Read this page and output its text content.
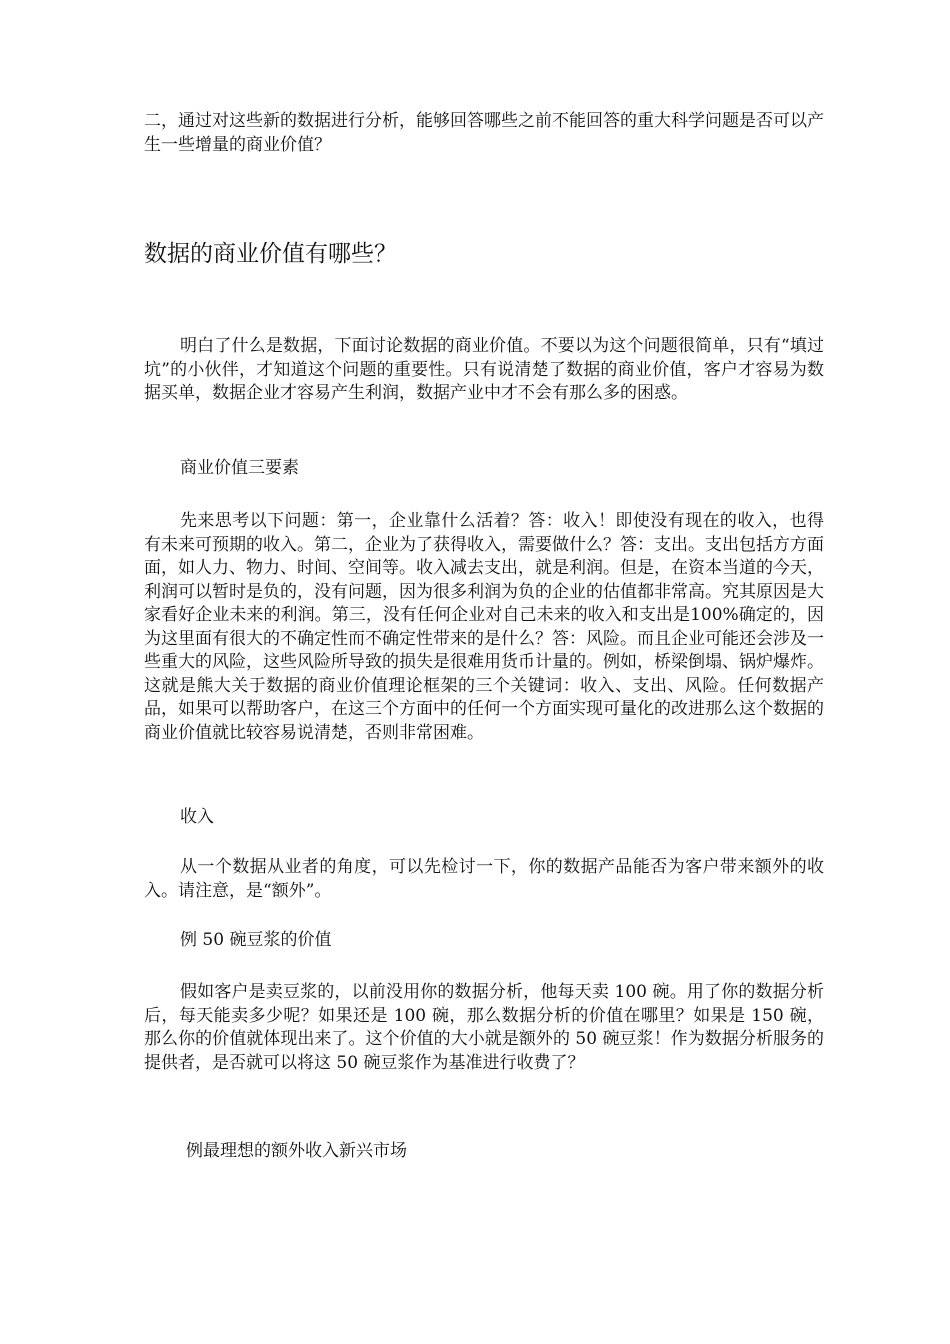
二，通过对这些新的数据进行分析，能够回答哪些之前不能回答的重大科学问题是否可以产生一些增量的商业价值？

数据的商业价值有哪些？

明白了什么是数据，下面讨论数据的商业价值。不要以为这个问题很简单，只有“填过坑”的小伙伴，才知道这个问题的重要性。只有说清楚了数据的商业价值，客户才容易为数据买单，数据企业才容易产生利润，数据产业中才不会有那么多的困惑。

商业价值三要素

先来思考以下问题：第一，企业靠什么活着？答：收入！即使没有现在的收入，也得有未来可预期的收入。第二，企业为了获得收入，需要做什么？答：支出。支出包括方方面面，如人力、物力、时间、空间等。收入减去支出，就是利润。但是，在资本当道的今天，利润可以暂时是负的，没有问题，因为很多利润为负的企业的估值都非常高。究其原因是大家看好企业未来的利润。第三，没有任何企业对自己未来的收入和支出是100%确定的，因为这里面有很大的不确定性而不确定性带来的是什么？答：风险。而且企业可能还会涉及一些重大的风险，这些风险所导致的损失是很难用货币计量的。例如，桥梁倒塌、锅炉爆炸。这就是熊大关于数据的商业价值理论框架的三个关键词：收入、支出、风险。任何数据产品，如果可以帮助客户，在这三个方面中的任何一个方面实现可量化的改进那么这个数据的商业价值就比较容易说清楚，否则非常困难。

收入

从一个数据从业者的角度，可以先检讨一下，你的数据产品能否为客户带来额外的收入。请注意，是“额外”。

例 50 碗豆浆的价值

假如客户是卖豆浆的，以前没用你的数据分析，他每天卖 100 碗。用了你的数据分析后，每天能卖多少呢？如果还是 100 碗，那么数据分析的价值在哪里？如果是 150 碗，那么你的价值就体现出来了。这个价值的大小就是额外的 50 碗豆浆！作为数据分析服务的提供者，是否就可以将这 50 碗豆浆作为基准进行收费了？

例最理想的额外收入新兴市场
